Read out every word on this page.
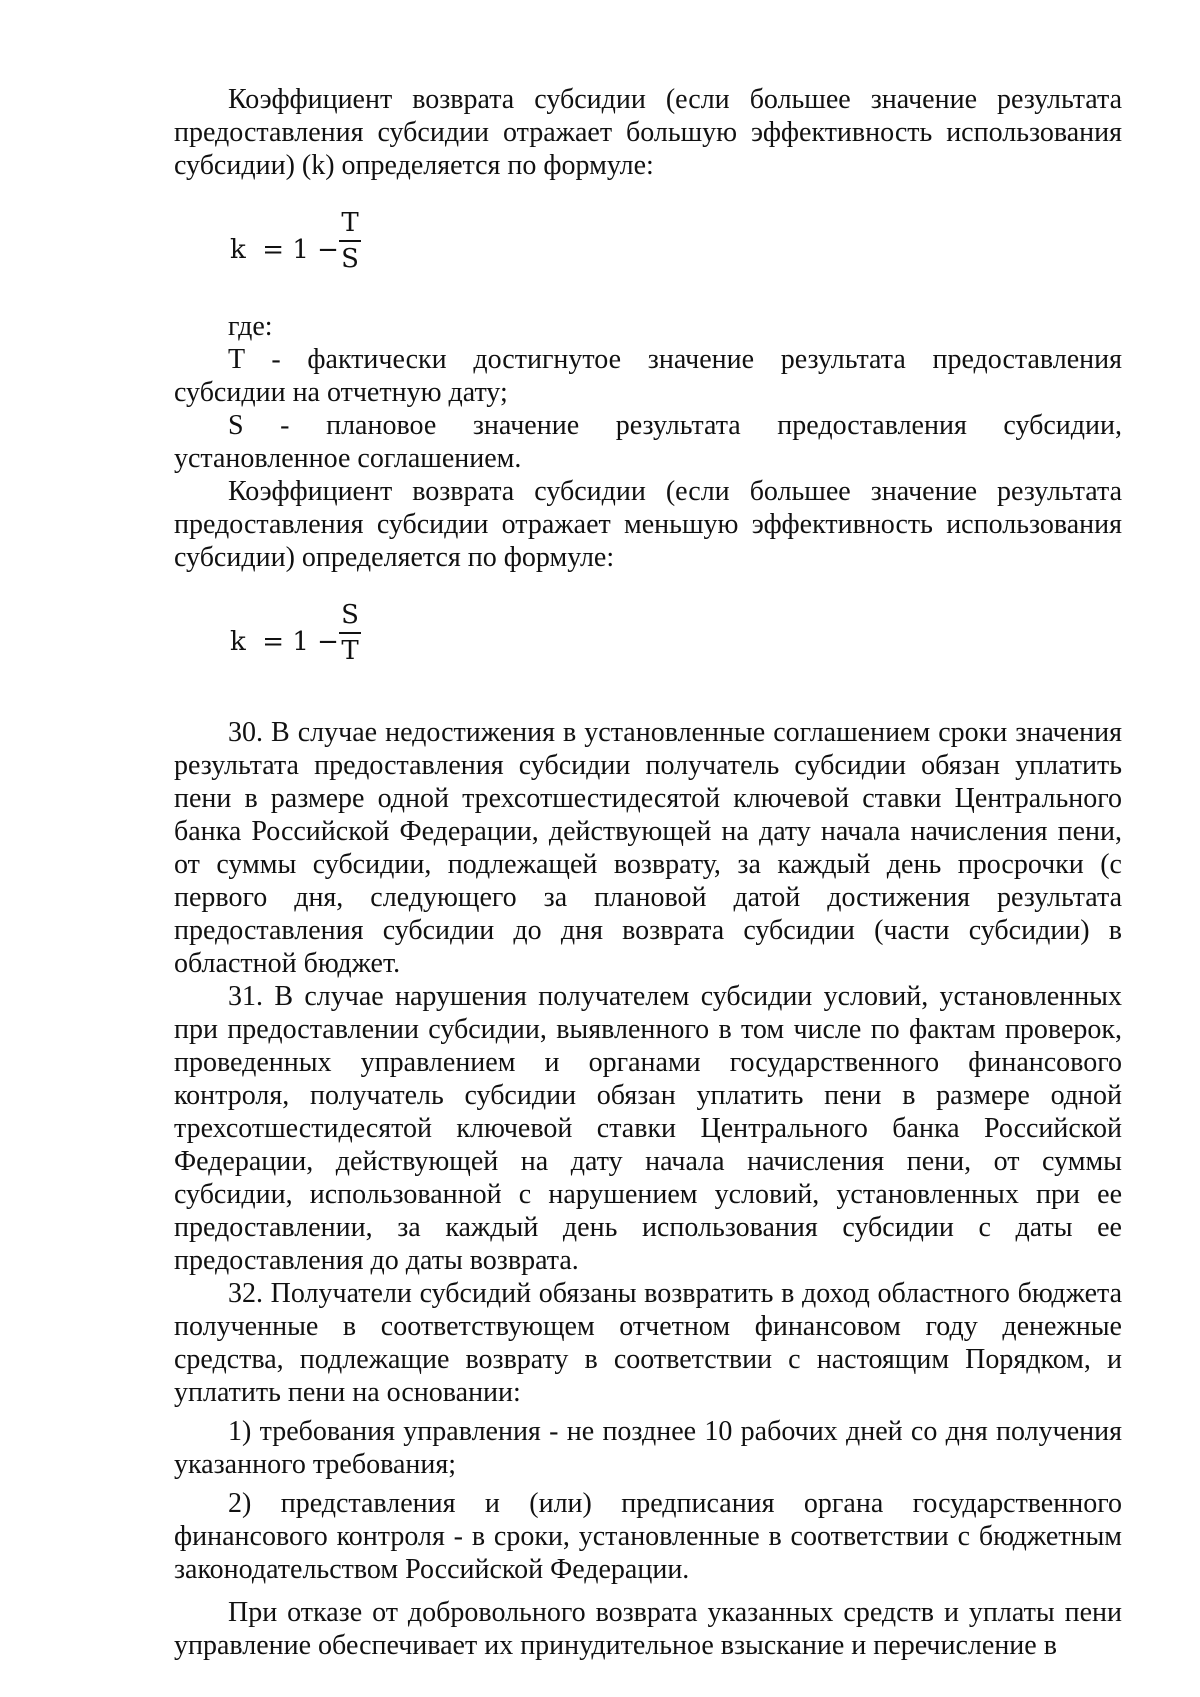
Коэффициент возврата субсидии (если большее значение результата предоставления субсидии отражает большую эффективность использования субсидии) (k) определяется по формуле:

k  = 1 −
T
S

где:

T - фактически достигнутое значение результата предоставления субсидии на отчетную дату;

S - плановое значение результата предоставления субсидии, установленное соглашением.

Коэффициент возврата субсидии (если большее значение результата предоставления субсидии отражает меньшую эффективность использования субсидии) определяется по формуле:

k  = 1 −
S
T

30. В случае недостижения в установленные соглашением сроки значения результата предоставления субсидии получатель субсидии обязан уплатить пени в размере одной трехсотшестидесятой ключевой ставки Центрального банка Российской Федерации, действующей на дату начала начисления пени, от суммы субсидии, подлежащей возврату, за каждый день просрочки (с первого дня, следующего за плановой датой достижения результата предоставления субсидии до дня возврата субсидии (части субсидии) в областной бюджет.

31. В случае нарушения получателем субсидии условий, установленных при предоставлении субсидии, выявленного в том числе по фактам проверок, проведенных управлением и органами государственного финансового контроля, получатель субсидии обязан уплатить пени в размере одной трехсотшестидесятой ключевой ставки Центрального банка Российской Федерации, действующей на дату начала начисления пени, от суммы субсидии, использованной с нарушением условий, установленных при ее предоставлении, за каждый день использования субсидии с даты ее предоставления до даты возврата.

32. Получатели субсидий обязаны возвратить в доход областного бюджета полученные в соответствующем отчетном финансовом году денежные средства, подлежащие возврату в соответствии с настоящим Порядком, и уплатить пени на основании:

1) требования управления - не позднее 10 рабочих дней со дня получения указанного требования;

2) представления и (или) предписания органа государственного финансового контроля - в сроки, установленные в соответствии с бюджетным законодательством Российской Федерации.

При отказе от добровольного возврата указанных средств и уплаты пени управление обеспечивает их принудительное взыскание и перечисление в
